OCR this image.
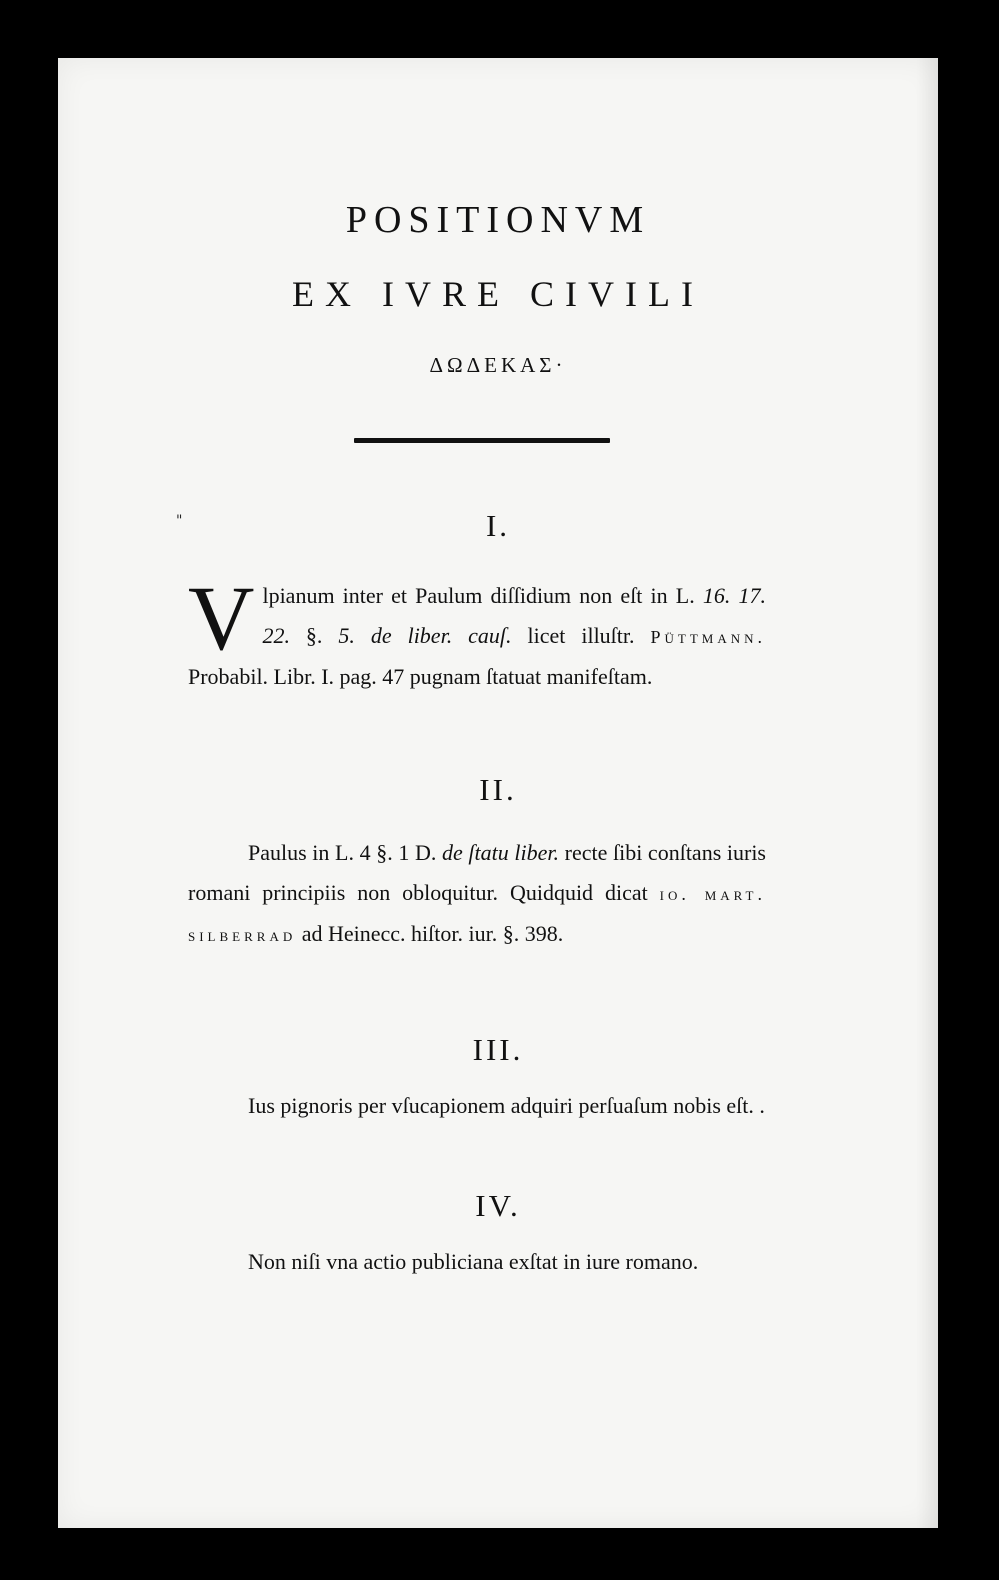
POSITIONVM
EX IVRE CIVILI
ΔΩΔΕΚΑΣ·
"	I.
Vlpianum inter et Paulum diſſidium non eſt in L. 16. 17. 22. §. 5. de liber. cauſ. licet illuſtr. Püttmann. Probabil. Libr. I. pag. 47 pugnam ſtatuat manifeſtam.
II.
Paulus in L. 4 §. 1 D. de ſtatu liber. recte ſibi conſtans iuris romani principiis non obloquitur. Quidquid dicat io. mart. silberrad ad Heinecc. hiſtor. iur. §. 398.
III.
Ius pignoris per vſucapionem adquiri perſuaſum nobis eſt. .
IV.
Non niſi vna actio publiciana exſtat in iure romano.
